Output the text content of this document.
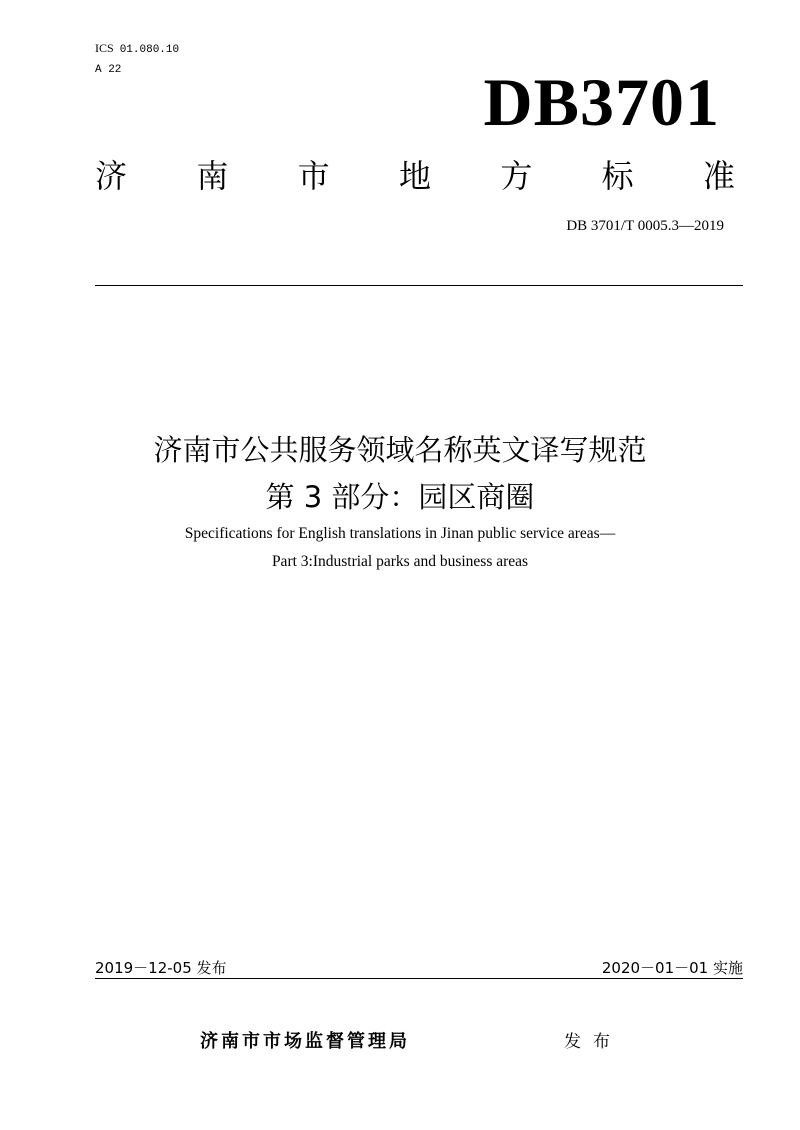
ICS 01.080.10
A 22	DB3701
济 南 市 地 方 标 准
DB 3701/T 0005.3—2019
济南市公共服务领域名称英文译写规范
第 3 部分：园区商圈
Specifications for English translations in Jinan public service areas—
Part 3:Industrial parks and business areas
2019－12-05 发布	2020－01－01 实施
济南市市场监督管理局	发布
